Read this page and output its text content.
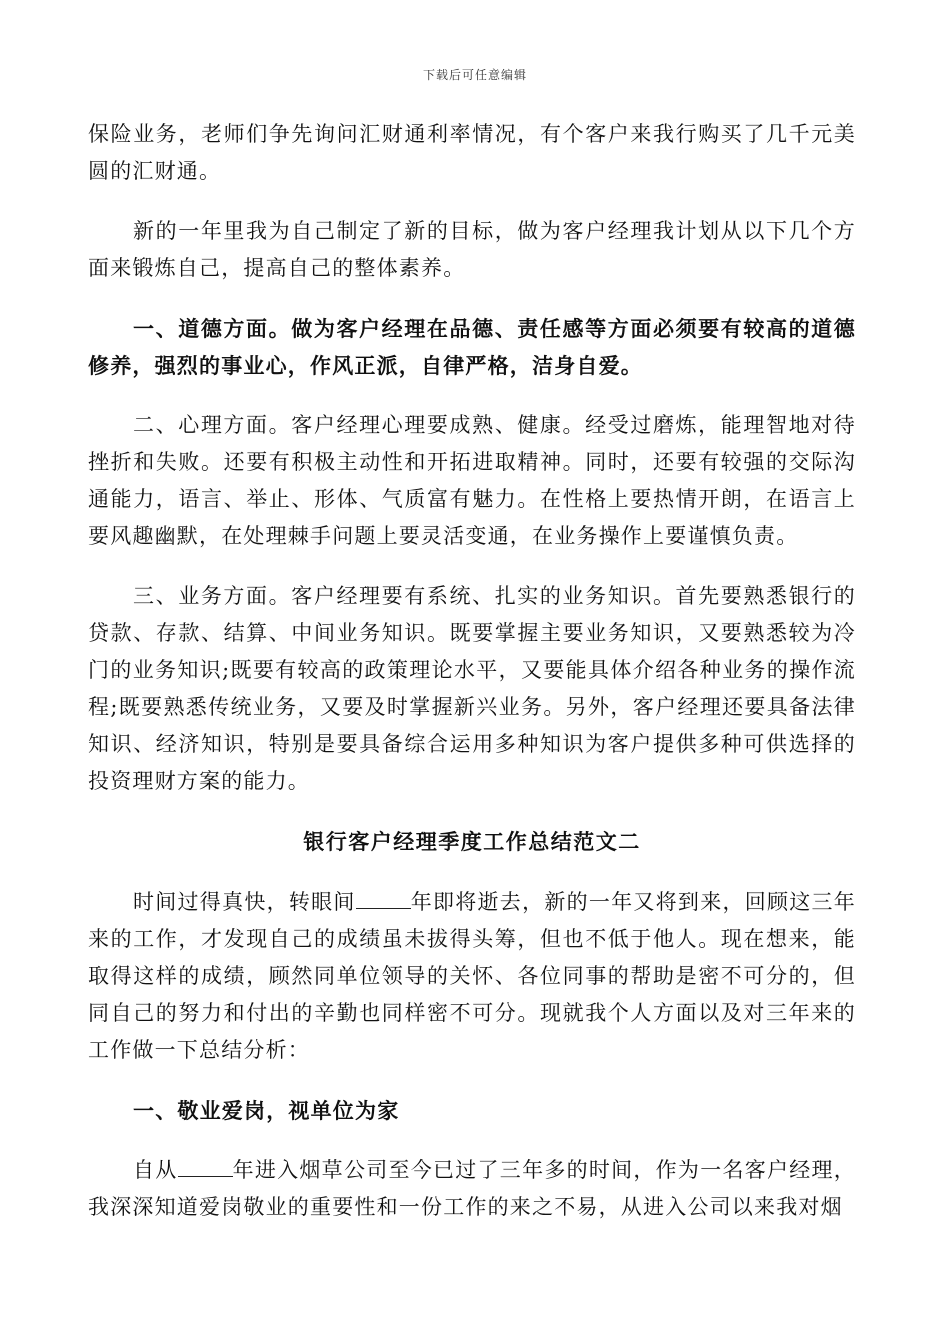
下载后可任意编辑

保险业务，老师们争先询问汇财通利率情况，有个客户来我行购买了几千元美圆的汇财通。

新的一年里我为自己制定了新的目标，做为客户经理我计划从以下几个方面来锻炼自己，提高自己的整体素养。

一、道德方面。做为客户经理在品德、责任感等方面必须要有较高的道德修养，强烈的事业心，作风正派，自律严格，洁身自爱。

二、心理方面。客户经理心理要成熟、健康。经受过磨炼，能理智地对待挫折和失败。还要有积极主动性和开拓进取精神。同时，还要有较强的交际沟通能力，语言、举止、形体、气质富有魅力。在性格上要热情开朗，在语言上要风趣幽默，在处理棘手问题上要灵活变通，在业务操作上要谨慎负责。

三、业务方面。客户经理要有系统、扎实的业务知识。首先要熟悉银行的贷款、存款、结算、中间业务知识。既要掌握主要业务知识，又要熟悉较为冷门的业务知识;既要有较高的政策理论水平，又要能具体介绍各种业务的操作流程;既要熟悉传统业务，又要及时掌握新兴业务。另外，客户经理还要具备法律知识、经济知识，特别是要具备综合运用多种知识为客户提供多种可供选择的投资理财方案的能力。

银行客户经理季度工作总结范文二

时间过得真快，转眼间	年即将逝去，新的一年又将到来，回顾这三年来的工作，才发现自己的成绩虽未拔得头筹，但也不低于他人。现在想来，能取得这样的成绩，顾然同单位领导的关怀、各位同事的帮助是密不可分的，但同自己的努力和付出的辛勤也同样密不可分。现就我个人方面以及对三年来的工作做一下总结分析：

一、敬业爱岗，视单位为家

自从	年进入烟草公司至今已过了三年多的时间，作为一名客户经理，我深深知道爱岗敬业的重要性和一份工作的来之不易，从进入公司以来我对烟
